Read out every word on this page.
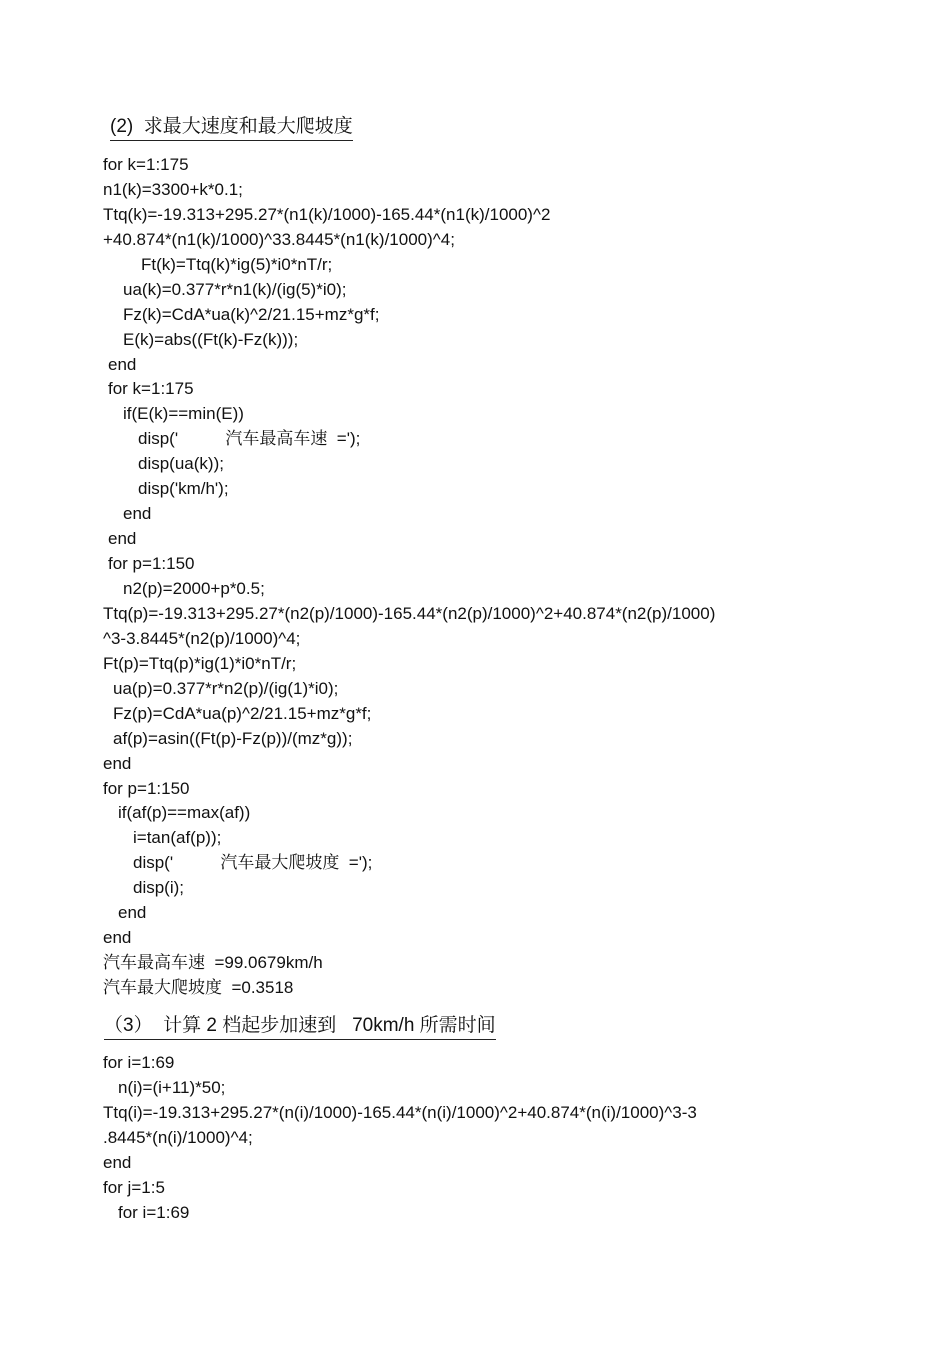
(2)  求最大速度和最大爬坡度
for k=1:175
n1(k)=3300+k*0.1;
Ttq(k)=-19.313+295.27*(n1(k)/1000)-165.44*(n1(k)/1000)^2
+40.874*(n1(k)/1000)^33.8445*(n1(k)/1000)^4;
Ft(k)=Ttq(k)*ig(5)*i0*nT/r;
ua(k)=0.377*r*n1(k)/(ig(5)*i0);
Fz(k)=CdA*ua(k)^2/21.15+mz*g*f;
E(k)=abs((Ft(k)-Fz(k)));
end
for k=1:175
if(E(k)==min(E))
disp('          汽车最高车速  =');
disp(ua(k));
disp('km/h');
end
end
for p=1:150
n2(p)=2000+p*0.5;
Ttq(p)=-19.313+295.27*(n2(p)/1000)-165.44*(n2(p)/1000)^2+40.874*(n2(p)/1000)
^3-3.8445*(n2(p)/1000)^4;
Ft(p)=Ttq(p)*ig(1)*i0*nT/r;
ua(p)=0.377*r*n2(p)/(ig(1)*i0);
Fz(p)=CdA*ua(p)^2/21.15+mz*g*f;
af(p)=asin((Ft(p)-Fz(p))/(mz*g));
end
for p=1:150
if(af(p)==max(af))
i=tan(af(p));
disp('          汽车最大爬坡度  =');
disp(i);
end
end
汽车最高车速  =99.0679km/h
汽车最大爬坡度  =0.3518
（3）  计算 2 档起步加速到   70km/h 所需时间
for i=1:69
n(i)=(i+11)*50;
Ttq(i)=-19.313+295.27*(n(i)/1000)-165.44*(n(i)/1000)^2+40.874*(n(i)/1000)^3-3
.8445*(n(i)/1000)^4;
end
for j=1:5
for i=1:69
